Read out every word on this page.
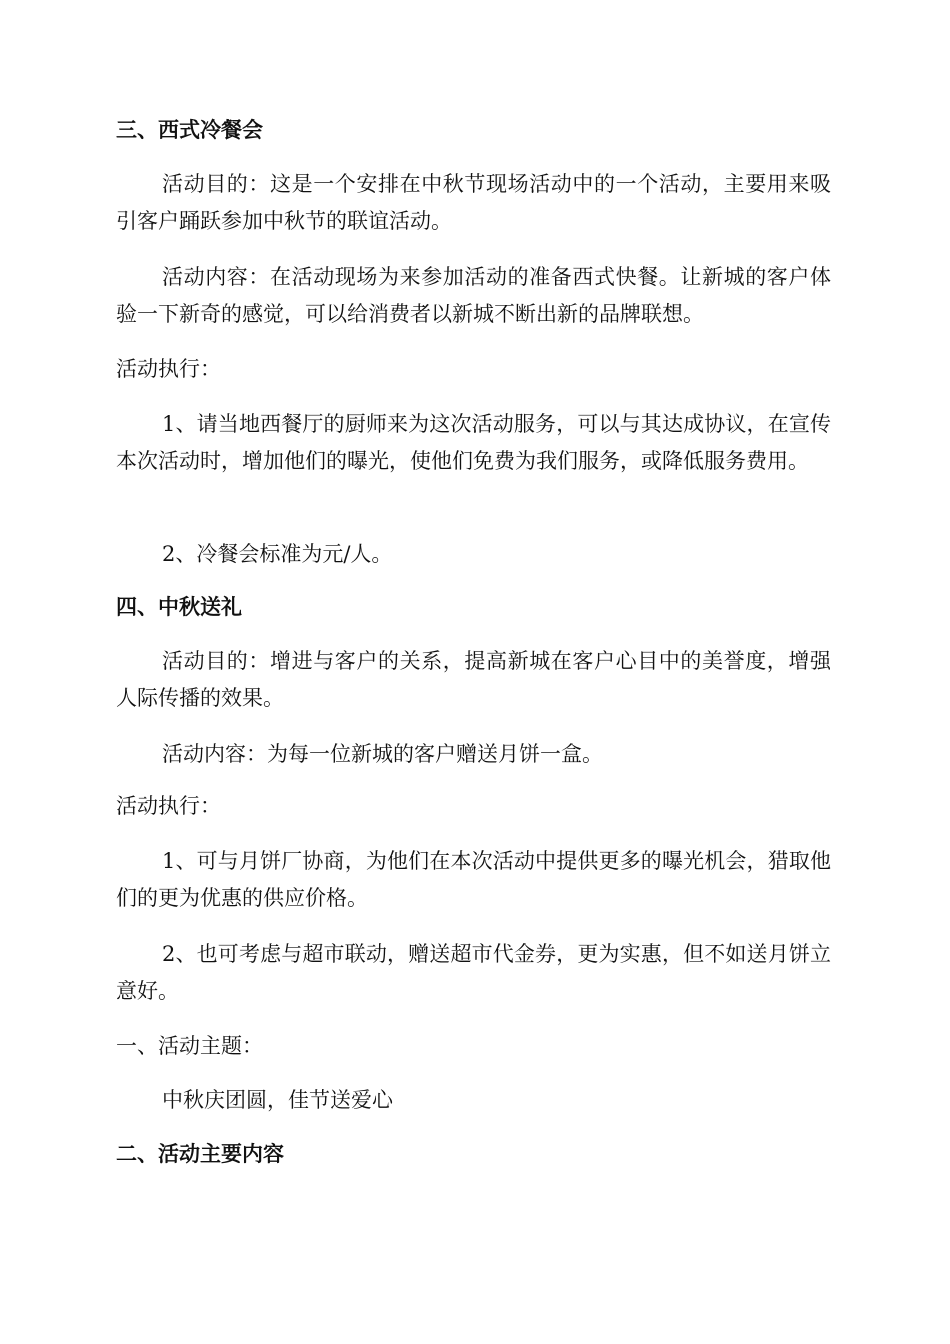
三、西式冷餐会

活动目的：这是一个安排在中秋节现场活动中的一个活动，主要用来吸引客户踊跃参加中秋节的联谊活动。

活动内容：在活动现场为来参加活动的准备西式快餐。让新城的客户体验一下新奇的感觉，可以给消费者以新城不断出新的品牌联想。

活动执行：

1、请当地西餐厅的厨师来为这次活动服务，可以与其达成协议，在宣传本次活动时，增加他们的曝光，使他们免费为我们服务，或降低服务费用。

2、冷餐会标准为元/人。

四、中秋送礼

活动目的：增进与客户的关系，提高新城在客户心目中的美誉度，增强人际传播的效果。

活动内容：为每一位新城的客户赠送月饼一盒。

活动执行：

1、可与月饼厂协商，为他们在本次活动中提供更多的曝光机会，猎取他们的更为优惠的供应价格。

2、也可考虑与超市联动，赠送超市代金券，更为实惠，但不如送月饼立意好。

一、活动主题：

中秋庆团圆，佳节送爱心

二、活动主要内容
